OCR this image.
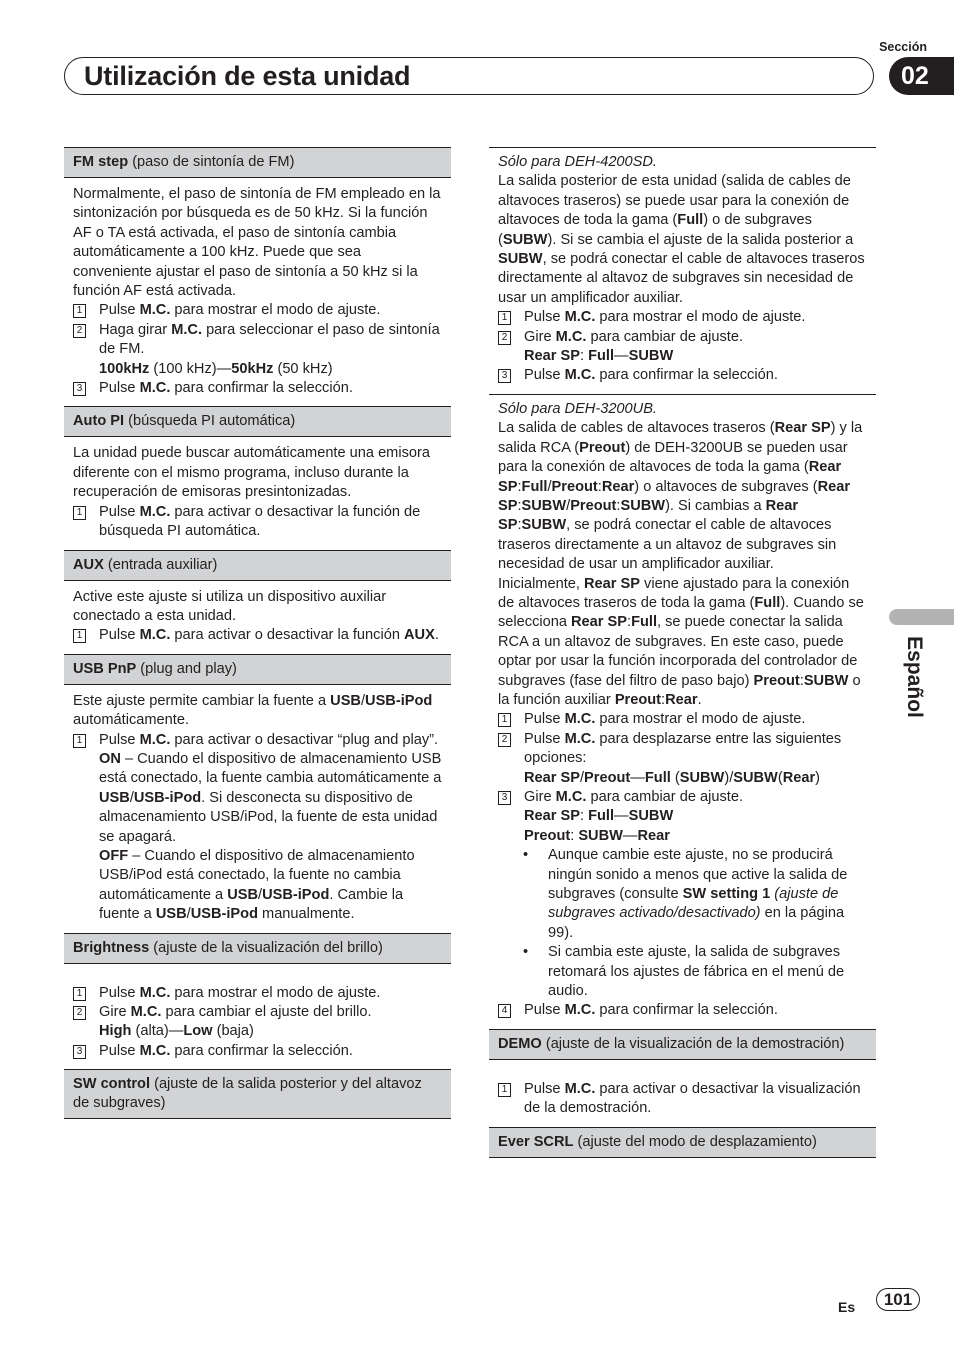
Sección
Utilización de esta unidad	02
Español
FM step (paso de sintonía de FM)

Normalmente, el paso de sintonía de FM empleado en la sintonización por búsqueda es de 50 kHz. Si la función AF o TA está activada, el paso de sintonía cambia automáticamente a 100 kHz. Puede que sea conveniente ajustar el paso de sintonía a 50 kHz si la función AF está activada.

1 Pulse M.C. para mostrar el modo de ajuste.
2 Haga girar M.C. para seleccionar el paso de sintonía de FM.
100kHz (100 kHz)—50kHz (50 kHz)
3 Pulse M.C. para confirmar la selección.
Auto PI (búsqueda PI automática)

La unidad puede buscar automáticamente una emisora diferente con el mismo programa, incluso durante la recuperación de emisoras presintonizadas.

1 Pulse M.C. para activar o desactivar la función de búsqueda PI automática.
AUX (entrada auxiliar)

Active este ajuste si utiliza un dispositivo auxiliar conectado a esta unidad.

1 Pulse M.C. para activar o desactivar la función AUX.
USB PnP (plug and play)

Este ajuste permite cambiar la fuente a USB/USB-iPod automáticamente.

1 Pulse M.C. para activar o desactivar “plug and play”.
ON – Cuando el dispositivo de almacenamiento USB está conectado, la fuente cambia automáticamente a USB/USB-iPod. Si desconecta su dispositivo de almacenamiento USB/iPod, la fuente de esta unidad se apagará.
OFF – Cuando el dispositivo de almacenamiento USB/iPod está conectado, la fuente no cambia automáticamente a USB/USB-iPod. Cambie la fuente a USB/USB-iPod manualmente.
Brightness (ajuste de la visualización del brillo)
1 Pulse M.C. para mostrar el modo de ajuste.
2 Gire M.C. para cambiar el ajuste del brillo.
High (alta)—Low (baja)
3 Pulse M.C. para confirmar la selección.
SW control (ajuste de la salida posterior y del altavoz de subgraves)

Sólo para DEH-4200SD.

La salida posterior de esta unidad (salida de cables de altavoces traseros) se puede usar para la conexión de altavoces de toda la gama (Full) o de subgraves (SUBW). Si se cambia el ajuste de la salida posterior a SUBW, se podrá conectar el cable de altavoces traseros directamente al altavoz de subgraves sin necesidad de usar un amplificador auxiliar.

1 Pulse M.C. para mostrar el modo de ajuste.
2 Gire M.C. para cambiar de ajuste.
Rear SP: Full—SUBW
3 Pulse M.C. para confirmar la selección.

Sólo para DEH-3200UB.

La salida de cables de altavoces traseros (Rear SP) y la salida RCA (Preout) de DEH-3200UB se pueden usar para la conexión de altavoces de toda la gama (Rear SP:Full/Preout:Rear) o altavoces de subgraves (Rear SP:SUBW/Preout:SUBW). Si cambias a Rear SP:SUBW, se podrá conectar el cable de altavoces traseros directamente a un altavoz de subgraves sin necesidad de usar un amplificador auxiliar.

Inicialmente, Rear SP viene ajustado para la conexión de altavoces traseros de toda la gama (Full). Cuando se selecciona Rear SP:Full, se puede conectar la salida RCA a un altavoz de subgraves. En este caso, puede optar por usar la función incorporada del controlador de subgraves (fase del filtro de paso bajo) Preout:SUBW o la función auxiliar Preout:Rear.

1 Pulse M.C. para mostrar el modo de ajuste.
2 Pulse M.C. para desplazarse entre las siguientes opciones:
Rear SP/Preout—Full (SUBW)/SUBW(Rear)
3 Gire M.C. para cambiar de ajuste.
Rear SP: Full—SUBW
Preout: SUBW—Rear
•	Aunque cambie este ajuste, no se producirá ningún sonido a menos que active la salida de subgraves (consulte SW setting 1 (ajuste de subgraves activado/desactivado) en la página 99).
•	Si cambia este ajuste, la salida de subgraves retomará los ajustes de fábrica en el menú de audio.
4 Pulse M.C. para confirmar la selección.
DEMO (ajuste de la visualización de la demostración)
1 Pulse M.C. para activar o desactivar la visualización de la demostración.
Ever SCRL (ajuste del modo de desplazamiento)
Es	101
